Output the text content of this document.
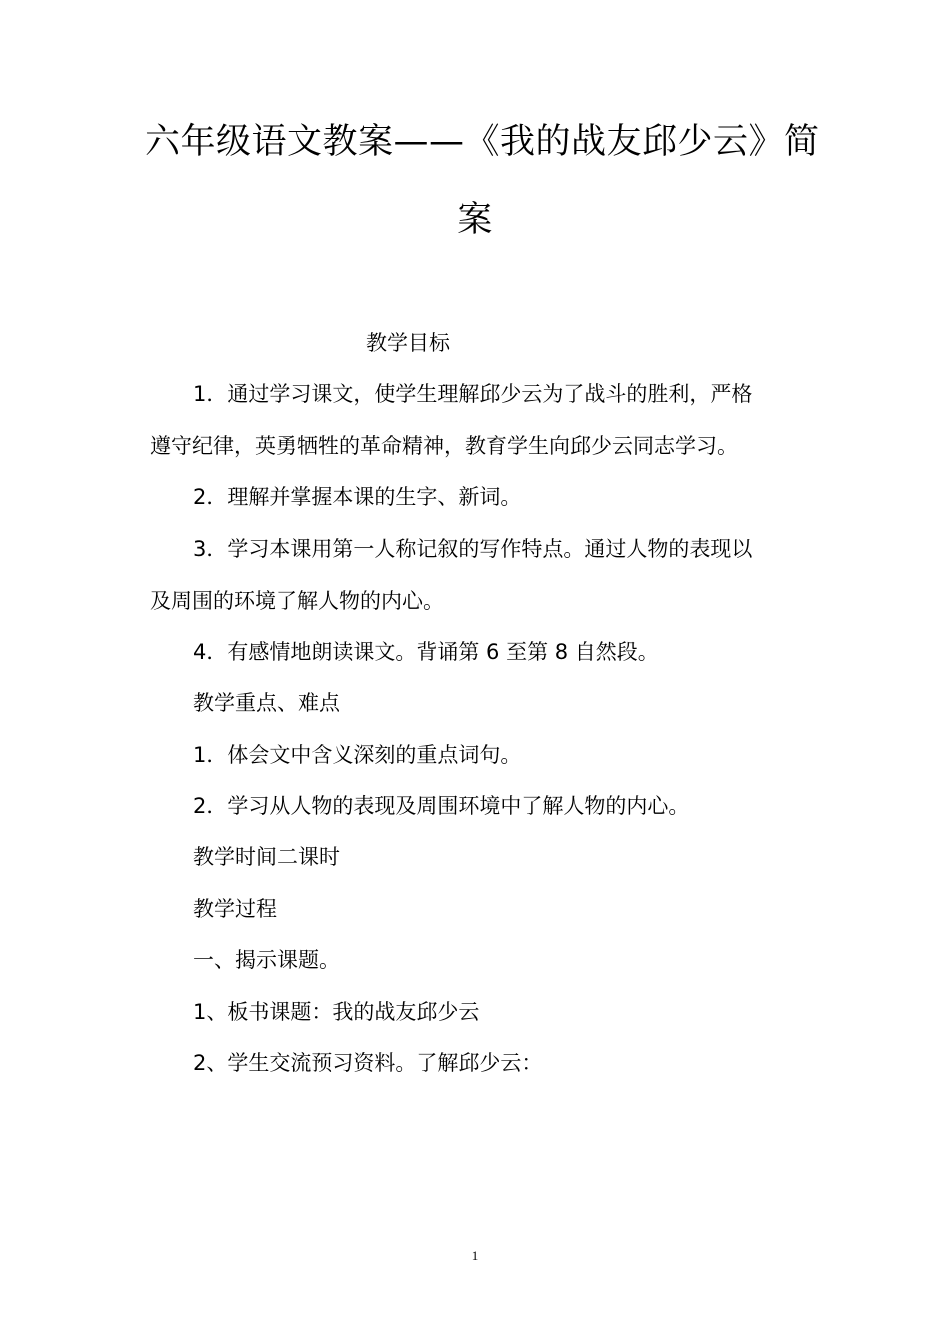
六年级语文教案——《我的战友邱少云》简
案
教学目标
1．通过学习课文，使学生理解邱少云为了战斗的胜利，严格
遵守纪律，英勇牺牲的革命精神，教育学生向邱少云同志学习。
2．理解并掌握本课的生字、新词。
3．学习本课用第一人称记叙的写作特点。通过人物的表现以
及周围的环境了解人物的内心。
4．有感情地朗读课文。背诵第 6 至第 8 自然段。
教学重点、难点
1．体会文中含义深刻的重点词句。
2．学习从人物的表现及周围环境中了解人物的内心。
教学时间二课时
教学过程
一、揭示课题。
1、板书课题：我的战友邱少云
2、学生交流预习资料。了解邱少云：
1
